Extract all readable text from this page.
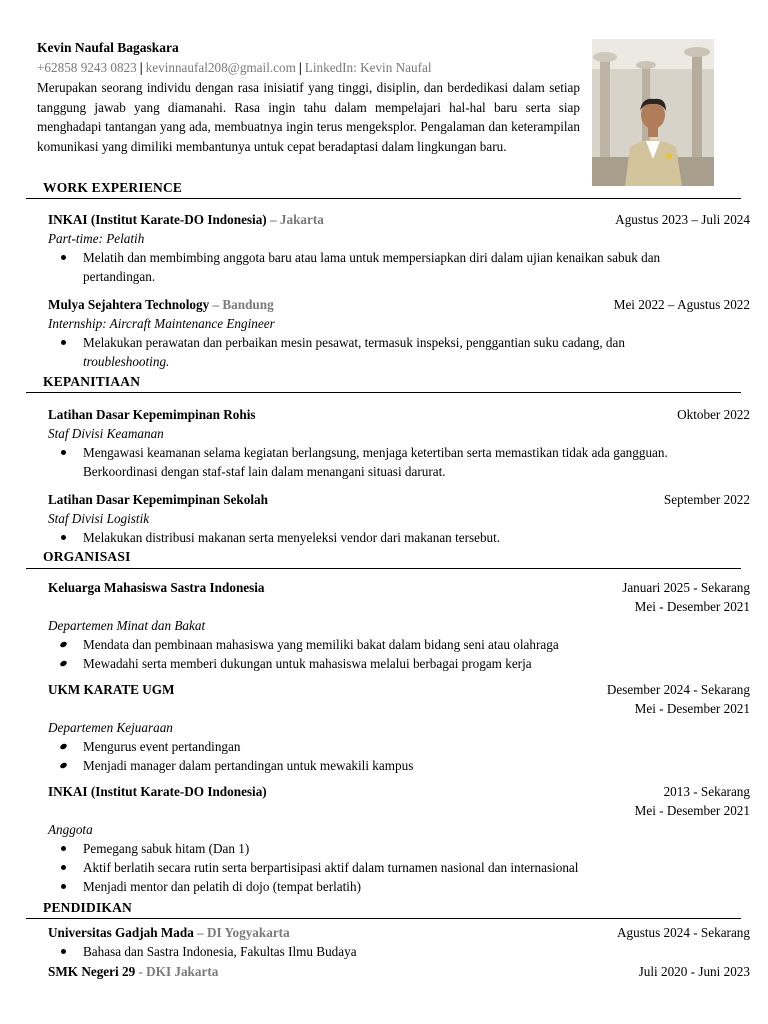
Kevin Naufal Bagaskara
+62858 9243 0823 | kevinnaufal208@gmail.com | LinkedIn: Kevin Naufal
Merupakan seorang individu dengan rasa inisiatif yang tinggi, disiplin, dan berdedikasi dalam setiap tanggung jawab yang diamanahi. Rasa ingin tahu dalam mempelajari hal-hal baru serta siap menghadapi tantangan yang ada, membuatnya ingin terus mengeksplor. Pengalaman dan keterampilan komunikasi yang dimiliki membantunya untuk cepat beradaptasi dalam lingkungan baru.
WORK EXPERIENCE
INKAI (Institut Karate-DO Indonesia) – Jakarta	Agustus 2023 – Juli 2024
Part-time: Pelatih
Melatih dan membimbing anggota baru atau lama untuk mempersiapkan diri dalam ujian kenaikan sabuk dan pertandingan.
Mulya Sejahtera Technology – Bandung	Mei 2022 – Agustus 2022
Internship: Aircraft Maintenance Engineer
Melakukan perawatan dan perbaikan mesin pesawat, termasuk inspeksi, penggantian suku cadang, dan troubleshooting.
KEPANITIAAN
Latihan Dasar Kepemimpinan Rohis	Oktober 2022
Staf Divisi Keamanan
Mengawasi keamanan selama kegiatan berlangsung, menjaga ketertiban serta memastikan tidak ada gangguan. Berkoordinasi dengan staf-staf lain dalam menangani situasi darurat.
Latihan Dasar Kepemimpinan Sekolah	September 2022
Staf Divisi Logistik
Melakukan distribusi makanan serta menyeleksi vendor dari makanan tersebut.
ORGANISASI
Keluarga Mahasiswa Sastra Indonesia	Januari 2025 - Sekarang
Mei - Desember 2021
Departemen Minat dan Bakat
Mendata dan pembinaan mahasiswa yang memiliki bakat dalam bidang seni atau olahraga
Mewadahi serta memberi dukungan untuk mahasiswa melalui berbagai progam kerja
UKM KARATE UGM	Desember 2024 - Sekarang
Mei - Desember 2021
Departemen Kejuaraan
Mengurus event pertandingan
Menjadi manager dalam pertandingan untuk mewakili kampus
INKAI (Institut Karate-DO Indonesia)	2013 - Sekarang
Mei - Desember 2021
Anggota
Pemegang sabuk hitam (Dan 1)
Aktif berlatih secara rutin serta berpartisipasi aktif dalam turnamen nasional dan internasional
Menjadi mentor dan pelatih di dojo (tempat berlatih)
PENDIDIKAN
Universitas Gadjah Mada – DI Yogyakarta	Agustus 2024 - Sekarang
Bahasa dan Sastra Indonesia, Fakultas Ilmu Budaya
SMK Negeri 29 - DKI Jakarta	Juli 2020 - Juni 2023
